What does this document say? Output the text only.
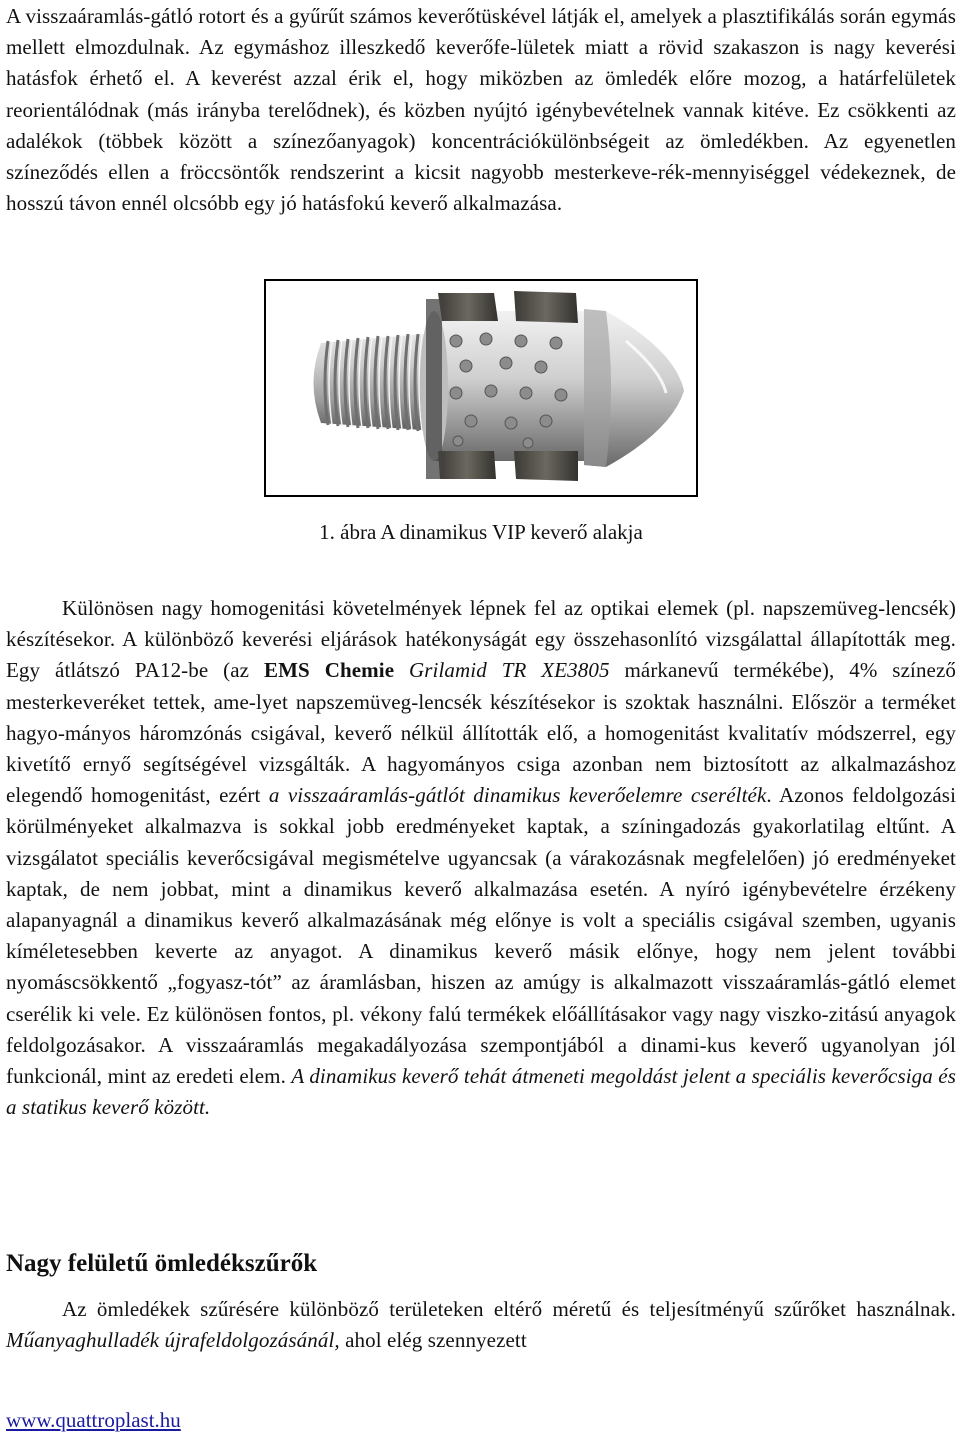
A visszaáramlás-gátló rotort és a gyűrűt számos keverőtüskével látják el, amelyek a plasztifikálás során egymás mellett elmozdulnak. Az egymáshoz illeszkedő keverőfe-lületek miatt a rövid szakaszon is nagy keverési hatásfok érhető el. A keverést azzal érik el, hogy miközben az ömledék előre mozog, a határfelületek reorientálódnak (más irányba terelődnek), és közben nyújtó igénybevételnek vannak kitéve. Ez csökkenti az adalékok (többek között a színezőanyagok) koncentrációkülönbségeit az ömledékben. Az egyenetlen színeződés ellen a fröccsöntők rendszerint a kicsit nagyobb mesterkeve-rék-mennyiséggel védekeznek, de hosszú távon ennél olcsóbb egy jó hatásfokú keverő alkalmazása.

1. ábra A dinamikus VIP keverő alakja

Különösen nagy homogenitási követelmények lépnek fel az optikai elemek (pl. napszemüveg-lencsék) készítésekor. A különböző keverési eljárások hatékonyságát egy összehasonlító vizsgálattal állapították meg. Egy átlátszó PA12-be (az EMS Chemie Grilamid TR XE3805 márkanevű termékébe), 4% színező mesterkeveréket tettek, ame-lyet napszemüveg-lencsék készítésekor is szoktak használni. Először a terméket hagyo-mányos háromzónás csigával, keverő nélkül állították elő, a homogenitást kvalitatív módszerrel, egy kivetítő ernyő segítségével vizsgálták. A hagyományos csiga azonban nem biztosított az alkalmazáshoz elegendő homogenitást, ezért a visszaáramlás-gátlót dinamikus keverőelemre cserélték. Azonos feldolgozási körülményeket alkalmazva is sokkal jobb eredményeket kaptak, a színingadozás gyakorlatilag eltűnt. A vizsgálatot speciális keverőcsigával megismételve ugyancsak (a várakozásnak megfelelően) jó eredményeket kaptak, de nem jobbat, mint a dinamikus keverő alkalmazása esetén. A nyíró igénybevételre érzékeny alapanyagnál a dinamikus keverő alkalmazásának még előnye is volt a speciális csigával szemben, ugyanis kíméletesebben keverte az anyagot. A dinamikus keverő másik előnye, hogy nem jelent további nyomáscsökkentő „fogyasz-tót” az áramlásban, hiszen az amúgy is alkalmazott visszaáramlás-gátló elemet cserélik ki vele. Ez különösen fontos, pl. vékony falú termékek előállításakor vagy nagy viszko-zitású anyagok feldolgozásakor. A visszaáramlás megakadályozása szempontjából a dinami-kus keverő ugyanolyan jól funkcionál, mint az eredeti elem. A dinamikus keverő tehát átmeneti megoldást jelent a speciális keverőcsiga és a statikus keverő között.

Nagy felületű ömledékszűrők

Az ömledékek szűrésére különböző területeken eltérő méretű és teljesítményű szűrőket használnak. Műanyaghulladék újrafeldolgozásánál, ahol elég szennyezett

www.quattroplast.hu
